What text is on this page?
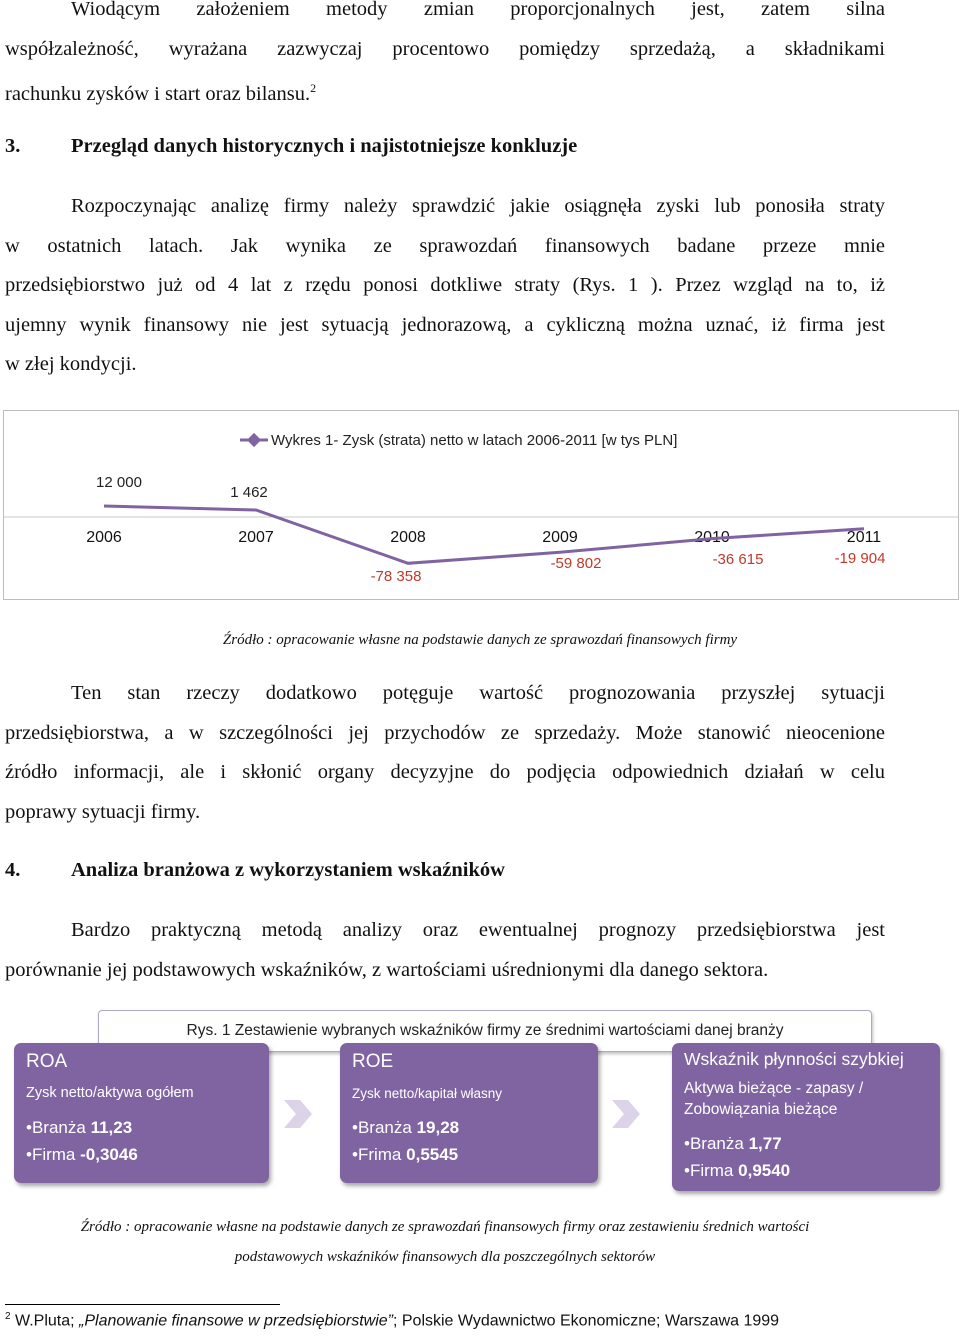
Wiodącym założeniem metody zmian proporcjonalnych jest, zatem silna
współzależność, wyrażana zazwyczaj procentowo pomiędzy sprzedażą, a składnikami
rachunku zysków i start oraz bilansu.$^2$
3. Przegląd danych historycznych i najistotniejsze konkluzje
Rozpoczynając analizę firmy należy sprawdzić jakie osiągnęła zyski lub ponosiła straty
w ostatnich latach. Jak wynika ze sprawozdań finansowych badane przeze mnie
przedsiębiorstwo już od 4 lat z rzędu ponosi dotkliwe straty (Rys. 1 ). Przez wzgląd na to, iż
ujemny wynik finansowy nie jest sytuacją jednorazową, a cykliczną można uznać, iż firma jest
w złej kondycji.
Wykres 1- Zysk (strata) netto w latach 2006-2011 [w tys PLN]
2006	2007	2008	2009	2010	2011
12 000
1 462
-78 358
-59 802	-36 615	-19 904
Źródło : opracowanie własne na podstawie danych ze sprawozdań finansowych firmy
Ten stan rzeczy dodatkowo potęguje wartość prognozowania przyszłej sytuacji
przedsiębiorstwa, a w szczególności jej przychodów ze sprzedaży. Może stanowić nieocenione
źródło informacji, ale i skłonić organy decyzyjne do podjęcia odpowiednich działań w celu
poprawy sytuacji firmy.
4. Analiza branżowa z wykorzystaniem wskaźników
Bardzo praktyczną metodą analizy oraz ewentualnej prognozy przedsiębiorstwa jest
porównanie jej podstawowych wskaźników, z wartościami uśrednionymi dla danego sektora.
Rys. 1 Zestawienie wybranych wskaźników firmy ze średnimi wartościami danej branży
ROA
Zysk netto/aktywa ogółem
•Branża 11,23
•Firma -0,3046
ROE
Zysk netto/kapitał własny
•Branża 19,28
•Frima 0,5545
Wskaźnik płynności szybkiej
Aktywa bieżące - zapasy / Zobowiązania bieżące
•Branża 1,77
•Firma 0,9540
Źródło : opracowanie własne na podstawie danych ze sprawozdań finansowych firmy oraz zestawieniu średnich wartości
podstawowych wskaźników finansowych dla poszczególnych sektorów
$^2$ W.Pluta; „Planowanie finansowe w przedsiębiorstwie”; Polskie Wydawnictwo Ekonomiczne; Warszawa 1999
